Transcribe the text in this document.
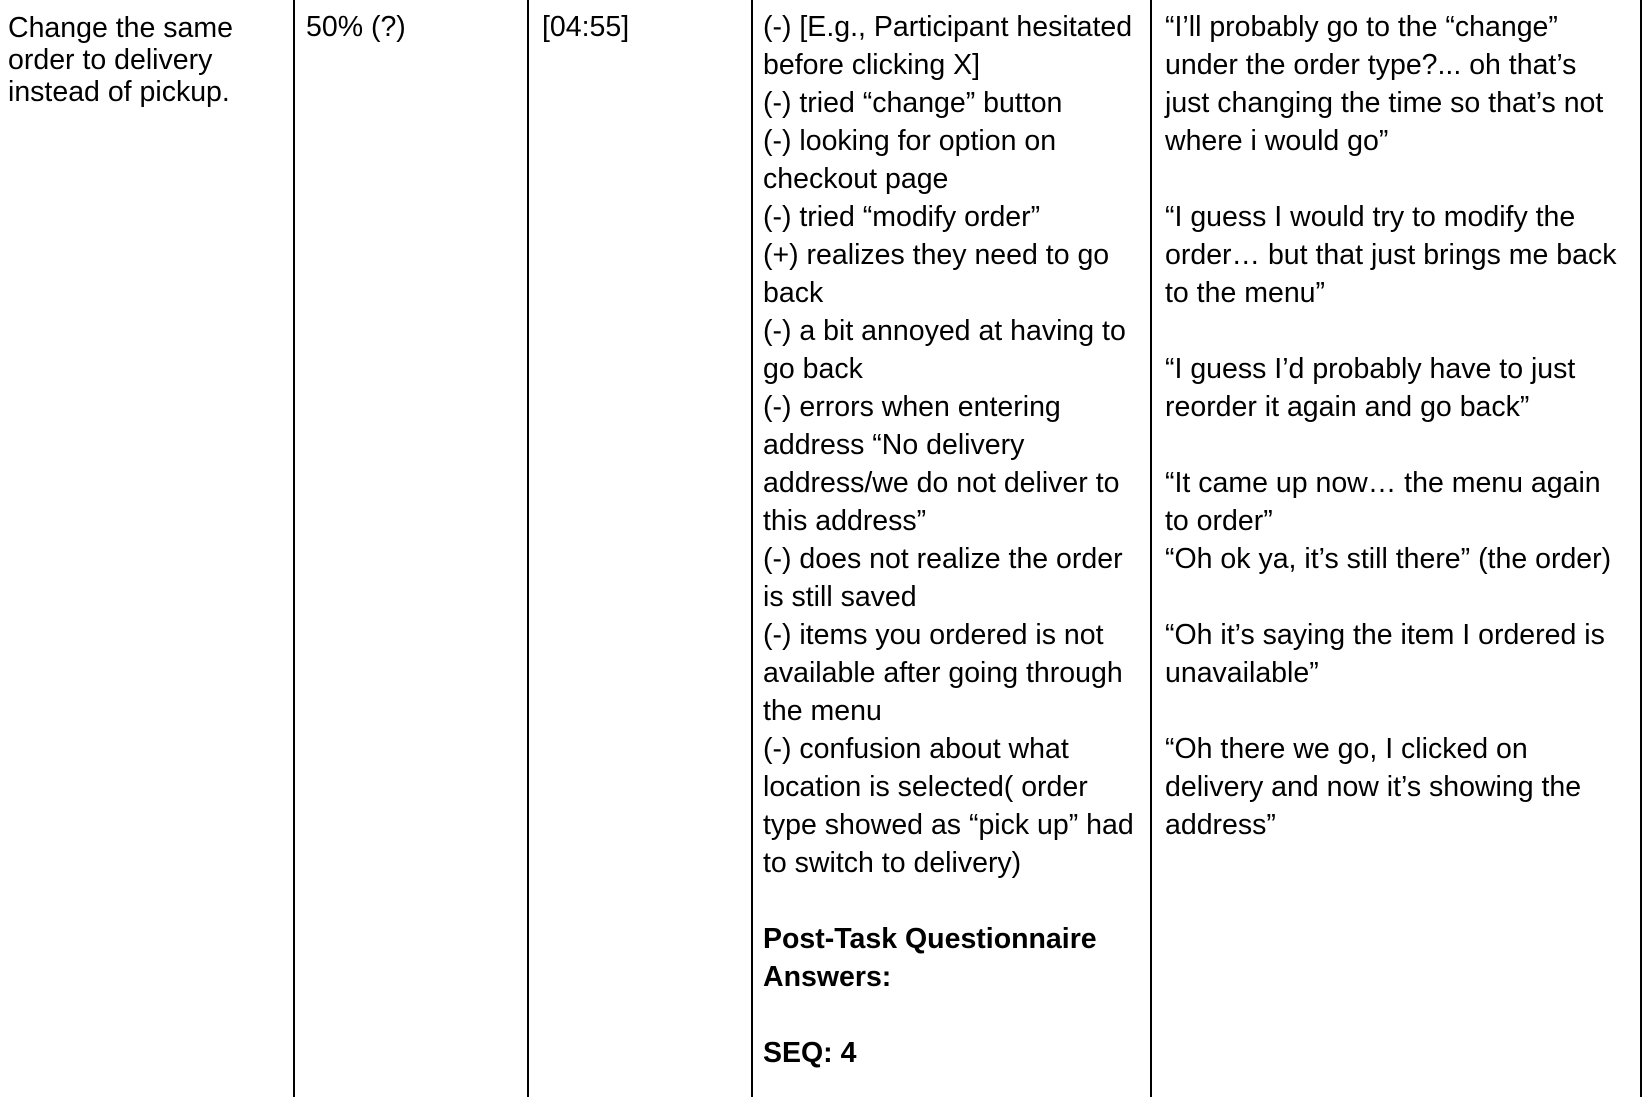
Change the same order to delivery instead of pickup.
50% (?)	[04:55]	(-) [E.g., Participant hesitated before clicking X]
(-) tried “change” button
(-) looking for option on checkout page
(-) tried “modify order”
(+) realizes they need to go back
(-) a bit annoyed at having to go back
(-) errors when entering address “No delivery address/we do not deliver to this address”
(-) does not realize the order is still saved
(-) items you ordered is not available after going through the menu
(-) confusion about what location is selected( order type showed as “pick up” had to switch to delivery)
Post-Task Questionnaire Answers:
SEQ: 4
“I’ll probably go to the “change” under the order type?... oh that’s just changing the time so that’s not where i would go”
“I guess I would try to modify the order… but that just brings me back to the menu”
“I guess I’d probably have to just reorder it again and go back”
“It came up now… the menu again to order”
“Oh ok ya, it’s still there” (the order)
“Oh it’s saying the item I ordered is unavailable”
“Oh there we go, I clicked on delivery and now it’s showing the address”
